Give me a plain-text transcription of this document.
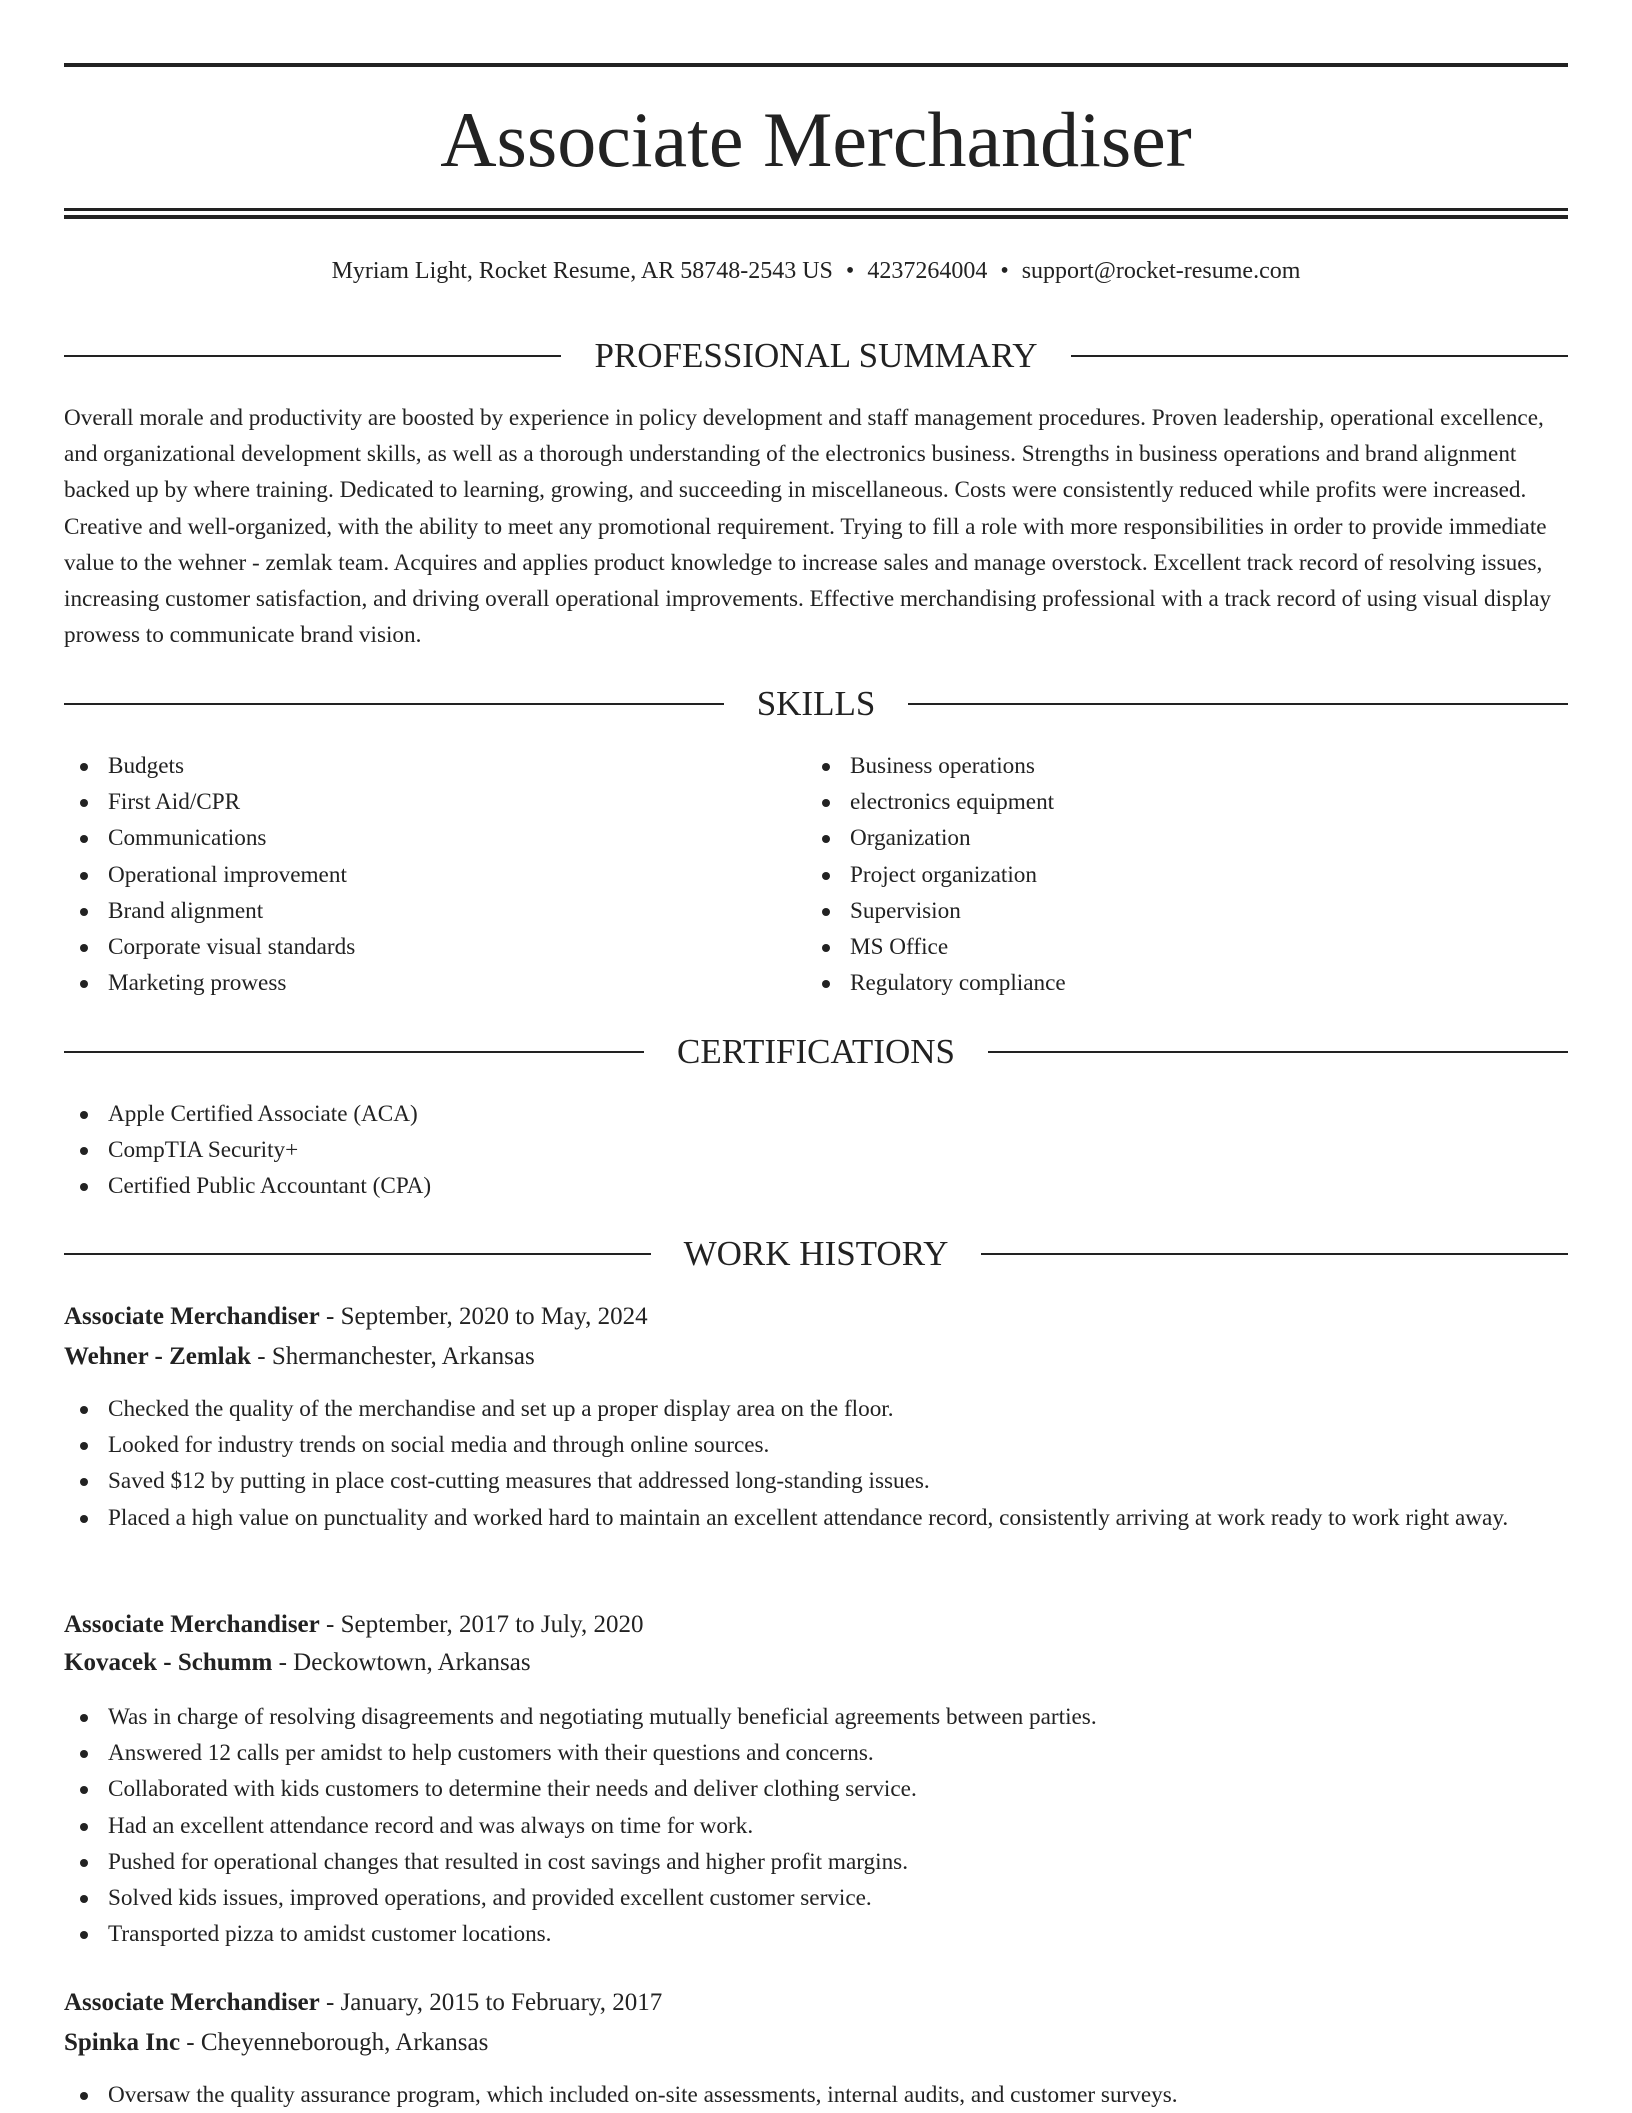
Associate Merchandiser
Myriam Light, Rocket Resume, AR 58748-2543 US • 4237264004 • support@rocket-resume.com
PROFESSIONAL SUMMARY

Overall morale and productivity are boosted by experience in policy development and staff management procedures. Proven leadership, operational excellence, and organizational development skills, as well as a thorough understanding of the electronics business. Strengths in business operations and brand alignment backed up by where training. Dedicated to learning, growing, and succeeding in miscellaneous. Costs were consistently reduced while profits were increased. Creative and well-organized, with the ability to meet any promotional requirement. Trying to fill a role with more responsibilities in order to provide immediate value to the wehner - zemlak team. Acquires and applies product knowledge to increase sales and manage overstock. Excellent track record of resolving issues, increasing customer satisfaction, and driving overall operational improvements. Effective merchandising professional with a track record of using visual display prowess to communicate brand vision.

SKILLS
Budgets
First Aid/CPR
Communications
Operational improvement
Brand alignment
Corporate visual standards
Marketing prowess
Business operations
electronics equipment
Organization
Project organization
Supervision
MS Office
Regulatory compliance
CERTIFICATIONS
Apple Certified Associate (ACA)
CompTIA Security+
Certified Public Accountant (CPA)
WORK HISTORY
Associate Merchandiser - September, 2020 to May, 2024
Wehner - Zemlak - Shermanchester, Arkansas
Checked the quality of the merchandise and set up a proper display area on the floor.
Looked for industry trends on social media and through online sources.
Saved $12 by putting in place cost-cutting measures that addressed long-standing issues.
Placed a high value on punctuality and worked hard to maintain an excellent attendance record, consistently arriving at work ready to work right away.
Associate Merchandiser - September, 2017 to July, 2020
Kovacek - Schumm - Deckowtown, Arkansas
Was in charge of resolving disagreements and negotiating mutually beneficial agreements between parties.
Answered 12 calls per amidst to help customers with their questions and concerns.
Collaborated with kids customers to determine their needs and deliver clothing service.
Had an excellent attendance record and was always on time for work.
Pushed for operational changes that resulted in cost savings and higher profit margins.
Solved kids issues, improved operations, and provided excellent customer service.
Transported pizza to amidst customer locations.
Associate Merchandiser - January, 2015 to February, 2017
Spinka Inc - Cheyenneborough, Arkansas
Oversaw the quality assurance program, which included on-site assessments, internal audits, and customer surveys.
